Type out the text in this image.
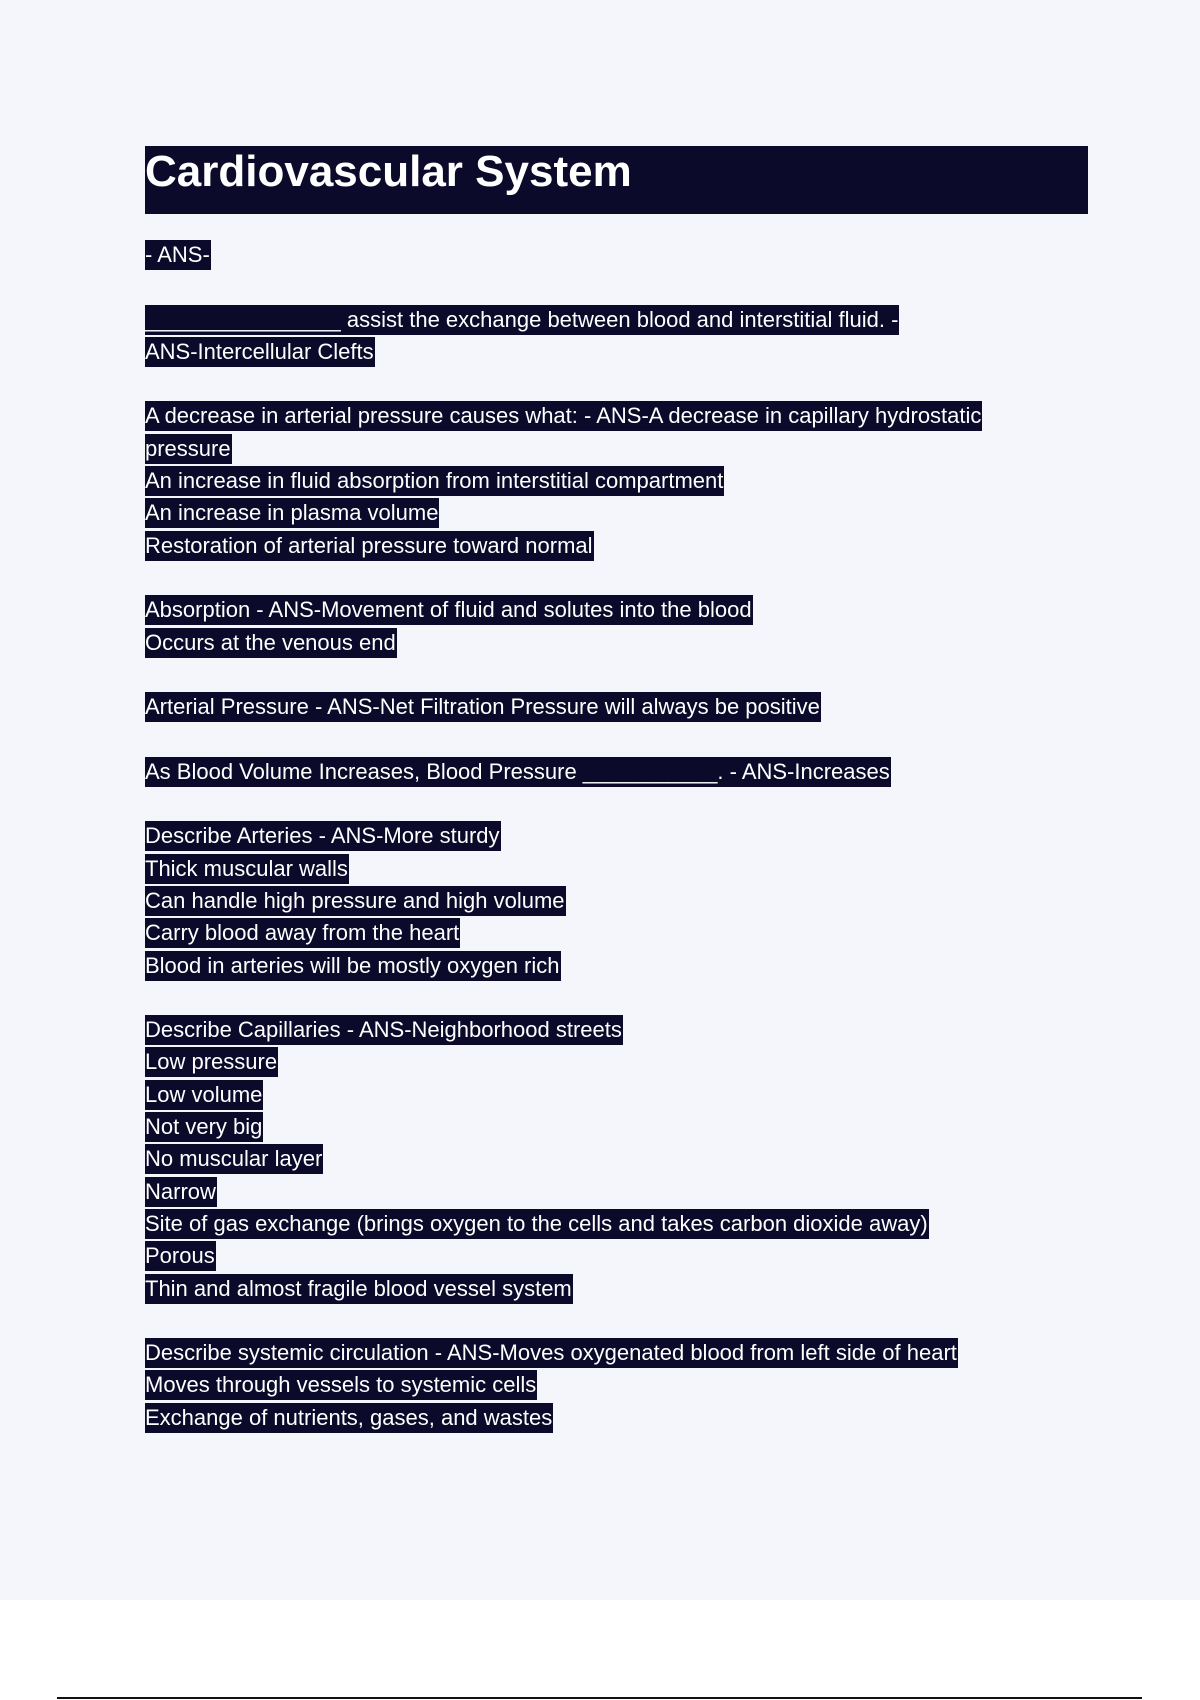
Cardiovascular System
- ANS-
________________ assist the exchange between blood and interstitial fluid. -
ANS-Intercellular Clefts
A decrease in arterial pressure causes what: - ANS-A decrease in capillary hydrostatic
pressure
An increase in fluid absorption from interstitial compartment
An increase in plasma volume
Restoration of arterial pressure toward normal
Absorption - ANS-Movement of fluid and solutes into the blood
Occurs at the venous end
Arterial Pressure - ANS-Net Filtration Pressure will always be positive
As Blood Volume Increases, Blood Pressure ___________. - ANS-Increases
Describe Arteries - ANS-More sturdy
Thick muscular walls
Can handle high pressure and high volume
Carry blood away from the heart
Blood in arteries will be mostly oxygen rich
Describe Capillaries - ANS-Neighborhood streets
Low pressure
Low volume
Not very big
No muscular layer
Narrow
Site of gas exchange (brings oxygen to the cells and takes carbon dioxide away)
Porous
Thin and almost fragile blood vessel system
Describe systemic circulation - ANS-Moves oxygenated blood from left side of heart
Moves through vessels to systemic cells
Exchange of nutrients, gases, and wastes
